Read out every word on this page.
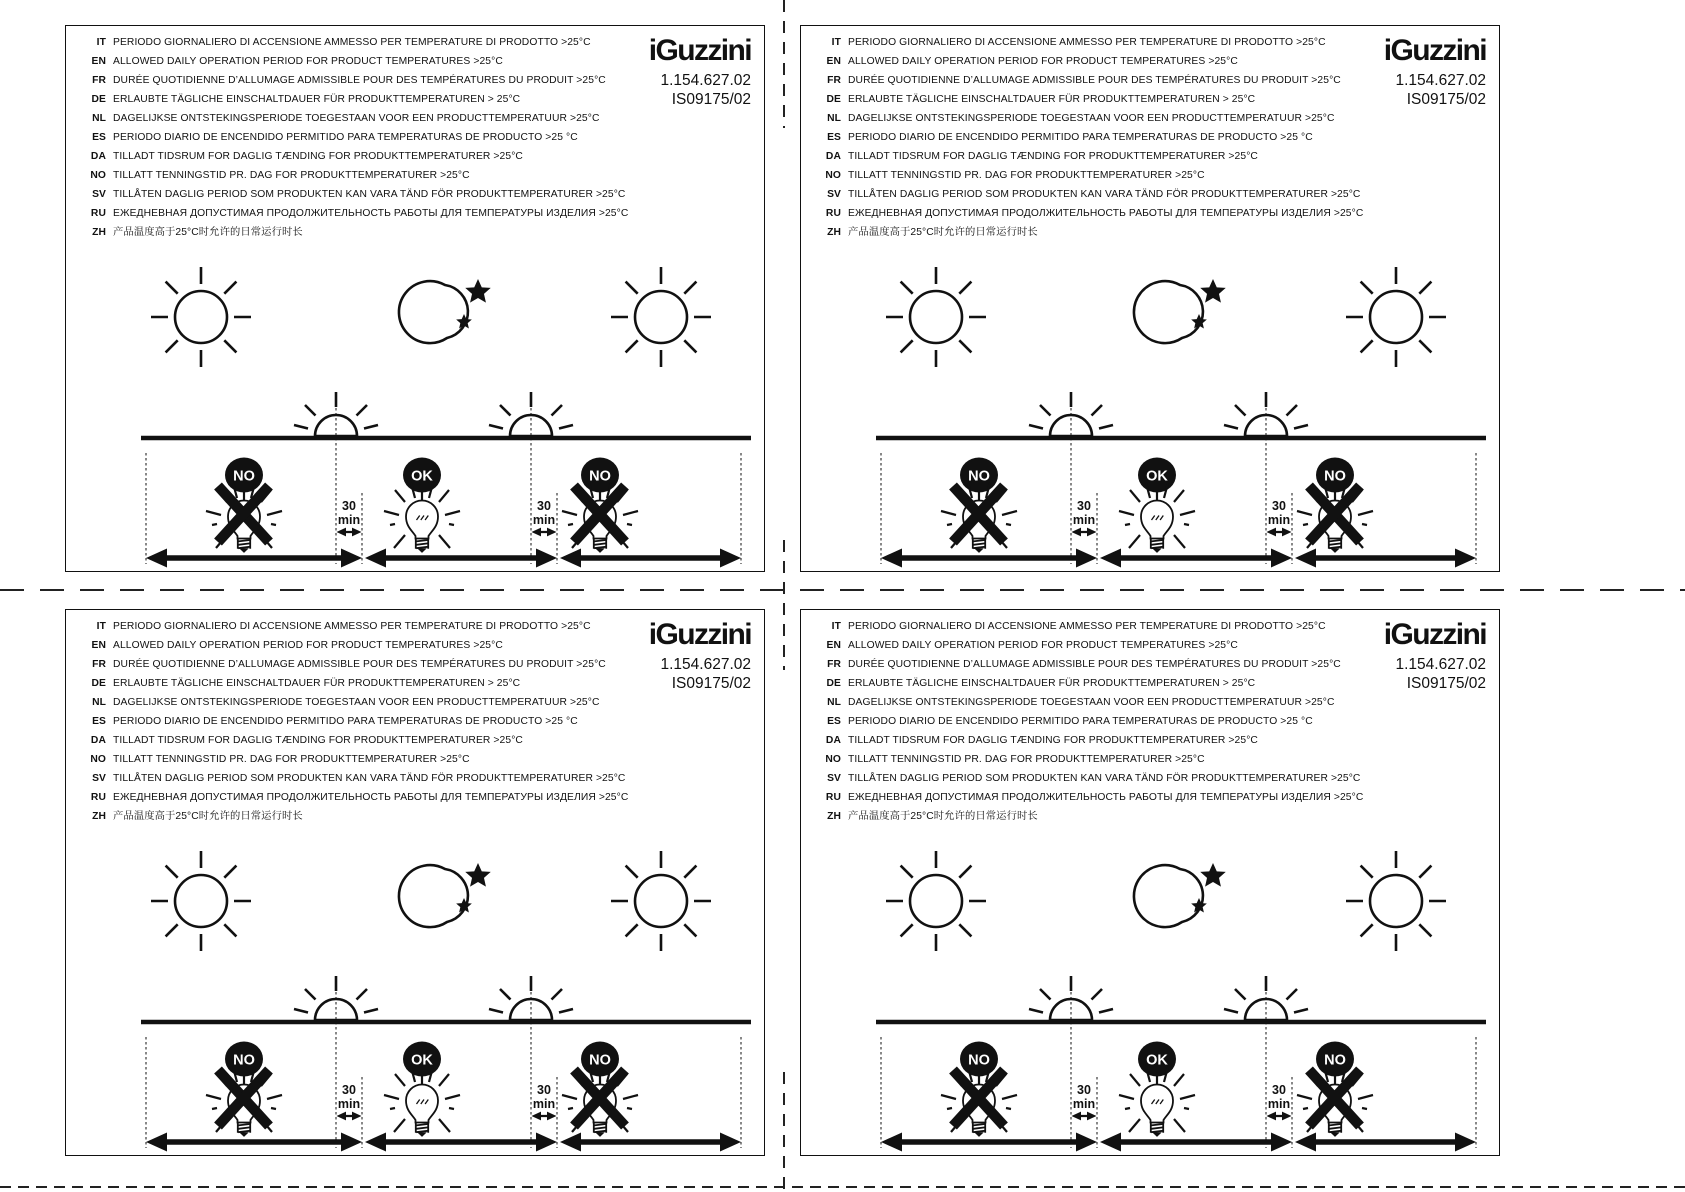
IT PERIODO GIORNALIERO DI ACCENSIONE AMMESSO PER TEMPERATURE DI PRODOTTO >25°C
EN ALLOWED DAILY OPERATION PERIOD FOR PRODUCT TEMPERATURES >25°C
FR DURÉE QUOTIDIENNE D’ALLUMAGE ADMISSIBLE POUR DES TEMPÉRATURES DU PRODUIT >25°C
DE ERLAUBTE TÄGLICHE EINSCHALTDAUER FÜR PRODUKTTEMPERATUREN > 25°C
NL DAGELIJKSE ONTSTEKINGSPERIODE TOEGESTAAN VOOR EEN PRODUCTTEMPERATUUR >25°C
ES PERIODO DIARIO DE ENCENDIDO PERMITIDO PARA TEMPERATURAS DE PRODUCTO >25 °C
DA TILLADT TIDSRUM FOR DAGLIG TÆNDING FOR PRODUKTTEMPERATURER >25°C
NO TILLATT TENNINGSTID PR. DAG FOR PRODUKTTEMPERATURER >25°C
SV TILLÅTEN DAGLIG PERIOD SOM PRODUKTEN KAN VARA TÄND FÖR PRODUKTTEMPERATURER >25°C
RU ЕЖЕДНЕВНАЯ ДОПУСТИМАЯ ПРОДОЛЖИТЕЛЬНОСТЬ РАБОТЫ ДЛЯ ТЕМПЕРАТУРЫ ИЗДЕЛИЯ >25°C
ZH 产品温度高于25°C时允许的日常运行时长
iGuzzini
1.154.627.02
IS09175/02
30
min
30
min
NO	OK	NO
IT PERIODO GIORNALIERO DI ACCENSIONE AMMESSO PER TEMPERATURE DI PRODOTTO >25°C
EN ALLOWED DAILY OPERATION PERIOD FOR PRODUCT TEMPERATURES >25°C
FR DURÉE QUOTIDIENNE D’ALLUMAGE ADMISSIBLE POUR DES TEMPÉRATURES DU PRODUIT >25°C
DE ERLAUBTE TÄGLICHE EINSCHALTDAUER FÜR PRODUKTTEMPERATUREN > 25°C
NL DAGELIJKSE ONTSTEKINGSPERIODE TOEGESTAAN VOOR EEN PRODUCTTEMPERATUUR >25°C
ES PERIODO DIARIO DE ENCENDIDO PERMITIDO PARA TEMPERATURAS DE PRODUCTO >25 °C
DA TILLADT TIDSRUM FOR DAGLIG TÆNDING FOR PRODUKTTEMPERATURER >25°C
NO TILLATT TENNINGSTID PR. DAG FOR PRODUKTTEMPERATURER >25°C
SV TILLÅTEN DAGLIG PERIOD SOM PRODUKTEN KAN VARA TÄND FÖR PRODUKTTEMPERATURER >25°C
RU ЕЖЕДНЕВНАЯ ДОПУСТИМАЯ ПРОДОЛЖИТЕЛЬНОСТЬ РАБОТЫ ДЛЯ ТЕМПЕРАТУРЫ ИЗДЕЛИЯ >25°C
ZH 产品温度高于25°C时允许的日常运行时长
iGuzzini
1.154.627.02
IS09175/02
30
min
30
min
NO	OK	NO
IT PERIODO GIORNALIERO DI ACCENSIONE AMMESSO PER TEMPERATURE DI PRODOTTO >25°C
EN ALLOWED DAILY OPERATION PERIOD FOR PRODUCT TEMPERATURES >25°C
FR DURÉE QUOTIDIENNE D’ALLUMAGE ADMISSIBLE POUR DES TEMPÉRATURES DU PRODUIT >25°C
DE ERLAUBTE TÄGLICHE EINSCHALTDAUER FÜR PRODUKTTEMPERATUREN > 25°C
NL DAGELIJKSE ONTSTEKINGSPERIODE TOEGESTAAN VOOR EEN PRODUCTTEMPERATUUR >25°C
ES PERIODO DIARIO DE ENCENDIDO PERMITIDO PARA TEMPERATURAS DE PRODUCTO >25 °C
DA TILLADT TIDSRUM FOR DAGLIG TÆNDING FOR PRODUKTTEMPERATURER >25°C
NO TILLATT TENNINGSTID PR. DAG FOR PRODUKTTEMPERATURER >25°C
SV TILLÅTEN DAGLIG PERIOD SOM PRODUKTEN KAN VARA TÄND FÖR PRODUKTTEMPERATURER >25°C
RU ЕЖЕДНЕВНАЯ ДОПУСТИМАЯ ПРОДОЛЖИТЕЛЬНОСТЬ РАБОТЫ ДЛЯ ТЕМПЕРАТУРЫ ИЗДЕЛИЯ >25°C
ZH 产品温度高于25°C时允许的日常运行时长
iGuzzini
1.154.627.02
IS09175/02
30
min
30
min
NO	OK	NO
IT PERIODO GIORNALIERO DI ACCENSIONE AMMESSO PER TEMPERATURE DI PRODOTTO >25°C
EN ALLOWED DAILY OPERATION PERIOD FOR PRODUCT TEMPERATURES >25°C
FR DURÉE QUOTIDIENNE D’ALLUMAGE ADMISSIBLE POUR DES TEMPÉRATURES DU PRODUIT >25°C
DE ERLAUBTE TÄGLICHE EINSCHALTDAUER FÜR PRODUKTTEMPERATUREN > 25°C
NL DAGELIJKSE ONTSTEKINGSPERIODE TOEGESTAAN VOOR EEN PRODUCTTEMPERATUUR >25°C
ES PERIODO DIARIO DE ENCENDIDO PERMITIDO PARA TEMPERATURAS DE PRODUCTO >25 °C
DA TILLADT TIDSRUM FOR DAGLIG TÆNDING FOR PRODUKTTEMPERATURER >25°C
NO TILLATT TENNINGSTID PR. DAG FOR PRODUKTTEMPERATURER >25°C
SV TILLÅTEN DAGLIG PERIOD SOM PRODUKTEN KAN VARA TÄND FÖR PRODUKTTEMPERATURER >25°C
RU ЕЖЕДНЕВНАЯ ДОПУСТИМАЯ ПРОДОЛЖИТЕЛЬНОСТЬ РАБОТЫ ДЛЯ ТЕМПЕРАТУРЫ ИЗДЕЛИЯ >25°C
ZH 产品温度高于25°C时允许的日常运行时长
iGuzzini
1.154.627.02
IS09175/02
30
min
30
min
NO	OK	NO
